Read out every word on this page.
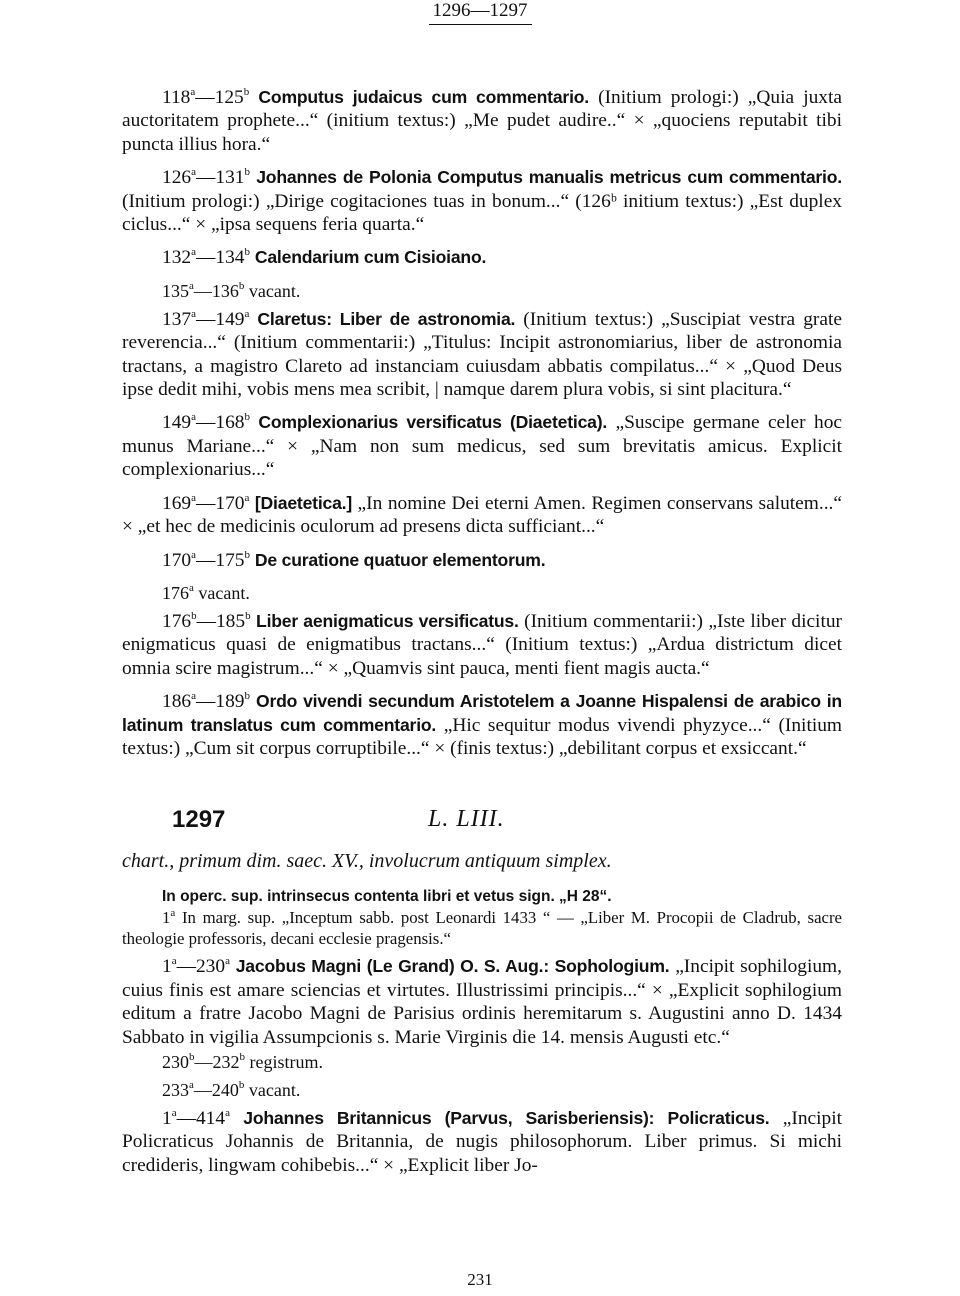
1296—1297

118$^a$—125$^b$ Computus judaicus cum commentario. (Initium prologi:) „Quia juxta auctoritatem prophete...“ (initium textus:) „Me pudet audire..“ × „quociens reputabit tibi puncta illius hora.“

126$^a$—131$^b$ Johannes de Polonia Computus manualis metricus cum commentario. (Initium prologi:) „Dirige cogitaciones tuas in bonum...“ (126ᵇ initium textus:) „Est duplex ciclus...“ × „ipsa sequens feria quarta.“

132$^a$—134$^b$ Calendarium cum Cisioiano.

135$^a$—136$^b$ vacant.

137$^a$—149$^a$ Claretus: Liber de astronomia. (Initium textus:) „Suscipiat vestra grate reverencia...“ (Initium commentarii:) „Titulus: Incipit astronomiarius, liber de astronomia tractans, a magistro Clareto ad instanciam cuiusdam abbatis compilatus...“ × „Quod Deus ipse dedit mihi, vobis mens mea scribit, | namque darem plura vobis, si sint placitura.“

149$^a$—168$^b$ Complexionarius versificatus (Diaetetica). „Suscipe germane celer hoc munus Mariane...“ × „Nam non sum medicus, sed sum brevitatis amicus. Explicit complexionarius...“

169$^a$—170$^a$ [Diaetetica.] „In nomine Dei eterni Amen. Regimen conservans salutem...“ × „et hec de medicinis oculorum ad presens dicta sufficiant...“

170$^a$—175$^b$ De curatione quatuor elementorum.

176$^a$ vacant.

176$^b$—185$^b$ Liber aenigmaticus versificatus. (Initium commentarii:) „Iste liber dicitur enigmaticus quasi de enigmatibus tractans...“ (Initium textus:) „Ardua districtum dicet omnia scire magistrum...“ × „Quamvis sint pauca, menti fient magis aucta.“

186$^a$—189$^b$ Ordo vivendi secundum Aristotelem a Joanne Hispalensi de arabico in latinum translatus cum commentario. „Hic sequitur modus vivendi phyzyce...“ (Initium textus:) „Cum sit corpus corruptibile...“ × (finis textus:) „debilitant corpus et exsiccant.“

1297	L. LIII.

chart., primum dim. saec. XV., involucrum antiquum simplex.

In operc. sup. intrinsecus contenta libri et vetus sign. „H 28“.

1$^a$ In marg. sup. „Inceptum sabb. post Leonardi 1433 “ — „Liber M. Procopii de Cladrub, sacre theologie professoris, decani ecclesie pragensis.“

1$^a$—230$^a$ Jacobus Magni (Le Grand) O. S. Aug.: Sophologium. „Incipit sophilogium, cuius finis est amare sciencias et virtutes. Illustrissimi principis...“ × „Explicit sophilogium editum a fratre Jacobo Magni de Parisius ordinis heremitarum s. Augustini anno D. 1434 Sabbato in vigilia Assumpcionis s. Marie Virginis die 14. mensis Augusti etc.“

230$^b$—232$^b$ registrum.

233$^a$—240$^b$ vacant.

1$^a$—414$^a$ Johannes Britannicus (Parvus, Sarisberiensis): Policraticus. „Incipit Policraticus Johannis de Britannia, de nugis philosophorum. Liber primus. Si michi credideris, lingwam cohibebis...“ × „Explicit liber Jo-

231
